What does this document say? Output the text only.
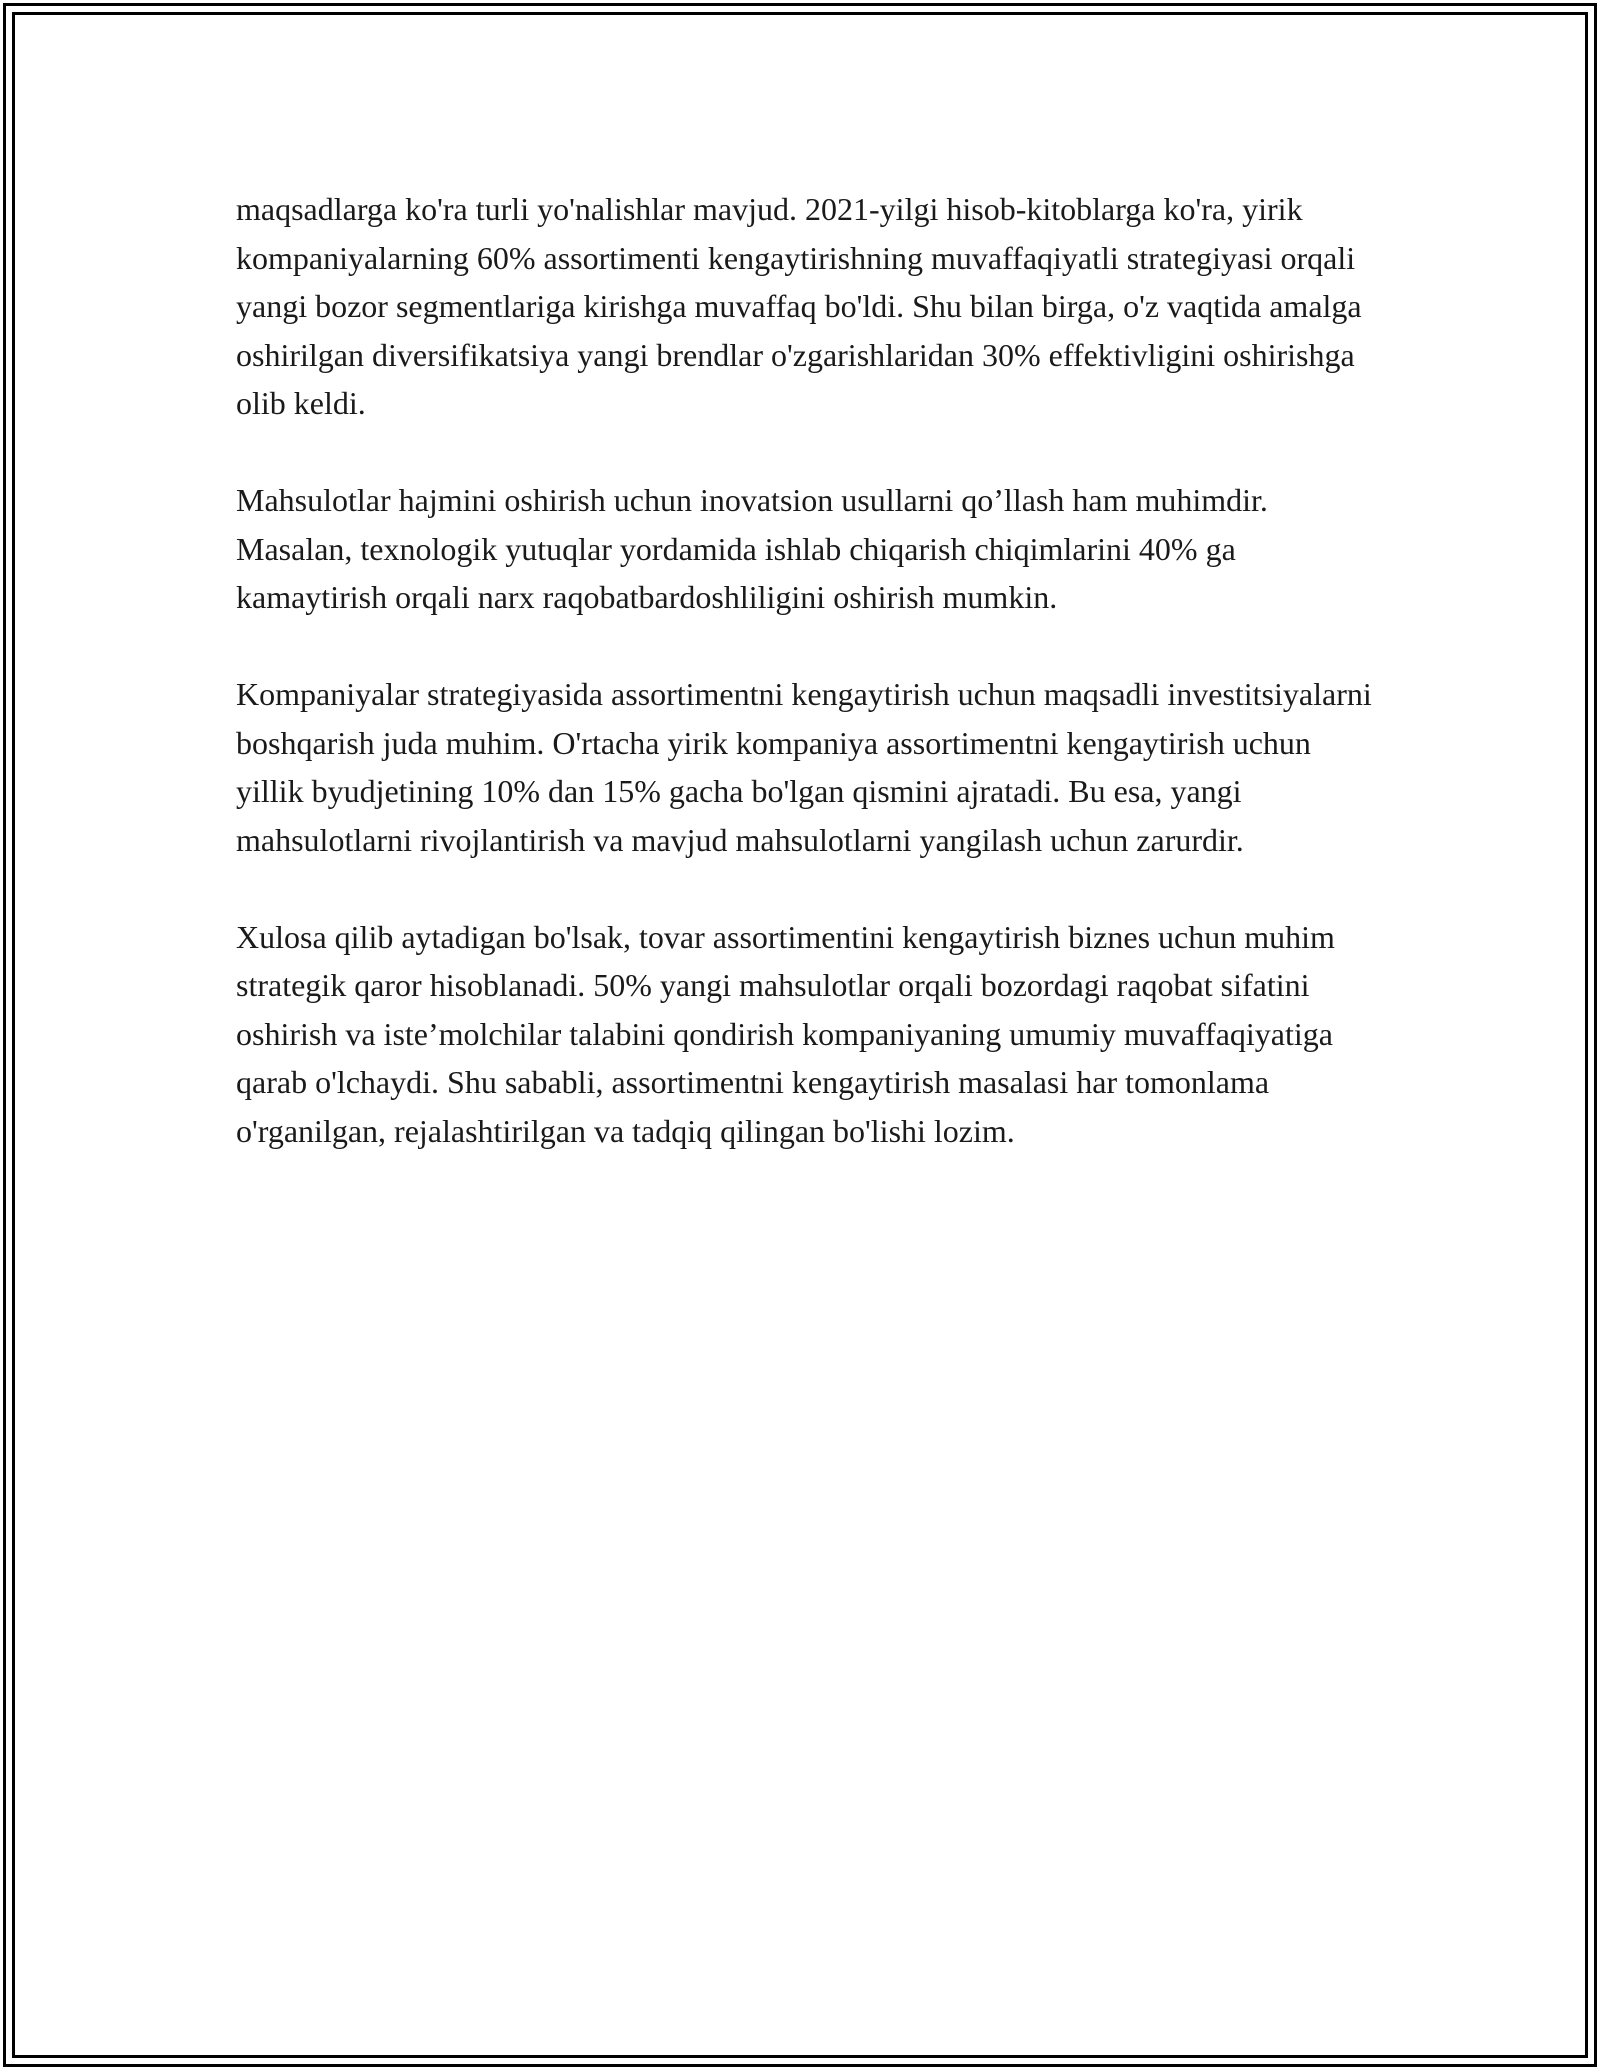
maqsadlarga ko'ra turli yo'nalishlar mavjud. 2021-yilgi hisob-kitoblarga ko'ra, yirik kompaniyalarning 60% assortimenti kengaytirishning muvaffaqiyatli strategiyasi orqali yangi bozor segmentlariga kirishga muvaffaq bo'ldi. Shu bilan birga, o'z vaqtida amalga oshirilgan diversifikatsiya yangi brendlar o'zgarishlaridan 30% effektivligini oshirishga olib keldi.

Mahsulotlar hajmini oshirish uchun inovatsion usullarni qo’llash ham muhimdir. Masalan, texnologik yutuqlar yordamida ishlab chiqarish chiqimlarini 40% ga kamaytirish orqali narx raqobatbardoshliligini oshirish mumkin.

Kompaniyalar strategiyasida assortimentni kengaytirish uchun maqsadli investitsiyalarni boshqarish juda muhim. O'rtacha yirik kompaniya assortimentni kengaytirish uchun yillik byudjetining 10% dan 15% gacha bo'lgan qismini ajratadi. Bu esa, yangi mahsulotlarni rivojlantirish va mavjud mahsulotlarni yangilash uchun zarurdir.

Xulosa qilib aytadigan bo'lsak, tovar assortimentini kengaytirish biznes uchun muhim strategik qaror hisoblanadi. 50% yangi mahsulotlar orqali bozordagi raqobat sifatini oshirish va iste’molchilar talabini qondirish kompaniyaning umumiy muvaffaqiyatiga qarab o'lchaydi. Shu sababli, assortimentni kengaytirish masalasi har tomonlama o'rganilgan, rejalashtirilgan va tadqiq qilingan bo'lishi lozim.
